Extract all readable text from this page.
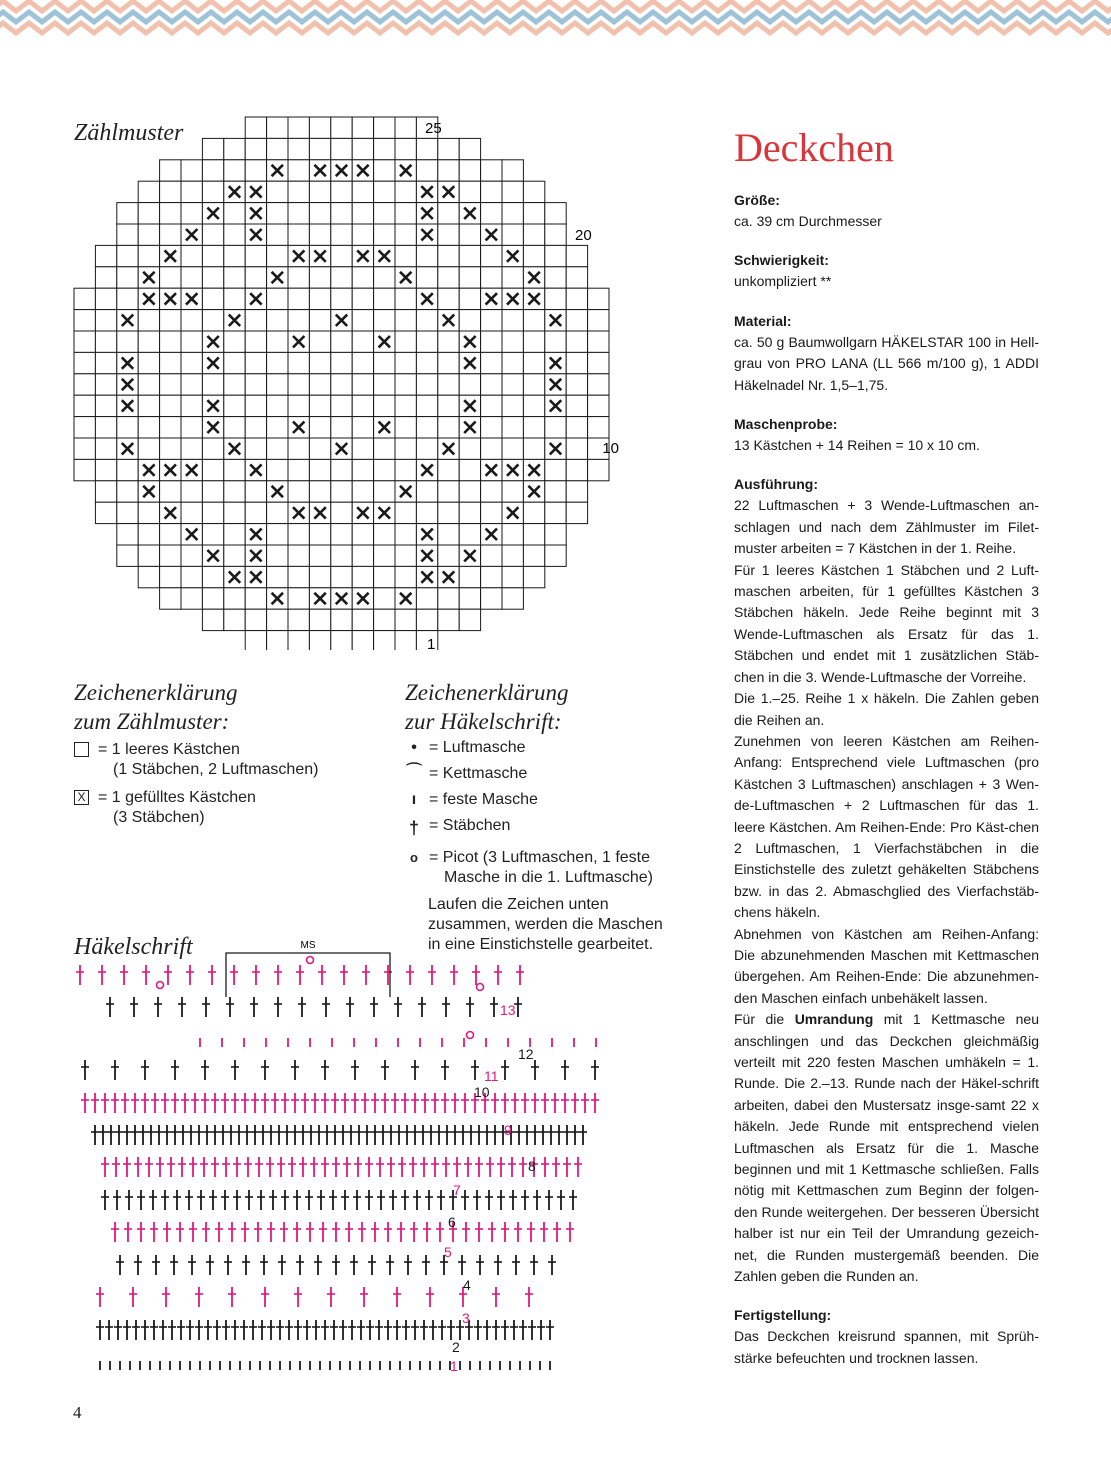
Zählmuster	25
20
10
1
Zeichenerklärung
zum Zählmuster:
= 1 leeres Kästchen
(1 Stäbchen, 2 Luftmaschen)
X = 1 gefülltes Kästchen
(3 Stäbchen)
Zeichenerklärung
zur Häkelschrift:
• = Luftmasche
⌒ = Kettmasche
ı = feste Masche
† = Stäbchen
o = Picot (3 Luftmaschen, 1 feste
Masche in die 1. Luftmasche)
Laufen die Zeichen unten
zusammen, werden die Maschen
in eine Einstichstelle gearbeitet.
Häkelschrift	MS
13
12
11
10
9
8
7
6
5
4
3
2
1
Deckchen
Größe:

ca. 39 cm Durchmesser

Schwierigkeit:

unkompliziert **

Material:

ca. 50 g Baumwollgarn HÄKELSTAR 100 in Hell-grau von PRO LANA (LL 566 m/100 g), 1 ADDI Häkelnadel Nr. 1,5–1,75.

Maschenprobe:

13 Kästchen + 14 Reihen = 10 x 10 cm.

Ausführung:

22 Luftmaschen + 3 Wende-Luftmaschen an-schlagen und nach dem Zählmuster im Filet-muster arbeiten = 7 Kästchen in der 1. Reihe.

Für 1 leeres Kästchen 1 Stäbchen und 2 Luft-maschen arbeiten, für 1 gefülltes Kästchen 3 Stäbchen häkeln. Jede Reihe beginnt mit 3 Wende-Luftmaschen als Ersatz für das 1. Stäbchen und endet mit 1 zusätzlichen Stäb-chen in die 3. Wende-Luftmasche der Vorreihe.

Die 1.–25. Reihe 1 x häkeln. Die Zahlen geben die Reihen an.

Zunehmen von leeren Kästchen am Reihen-Anfang: Entsprechend viele Luftmaschen (pro Kästchen 3 Luftmaschen) anschlagen + 3 Wen-de-Luftmaschen + 2 Luftmaschen für das 1. leere Kästchen. Am Reihen-Ende: Pro Käst-chen 2 Luftmaschen, 1 Vierfachstäbchen in die Einstichstelle des zuletzt gehäkelten Stäbchens bzw. in das 2. Abmaschglied des Vierfachstäb-chens häkeln.

Abnehmen von Kästchen am Reihen-Anfang: Die abzunehmenden Maschen mit Kettmaschen übergehen. Am Reihen-Ende: Die abzunehmen-den Maschen einfach unbehäkelt lassen.

Für die Umrandung mit 1 Kettmasche neu anschlingen und das Deckchen gleichmäßig verteilt mit 220 festen Maschen umhäkeln = 1. Runde. Die 2.–13. Runde nach der Häkel-schrift arbeiten, dabei den Mustersatz insge-samt 22 x häkeln. Jede Runde mit entsprechend vielen Luftmaschen als Ersatz für die 1. Masche beginnen und mit 1 Kettmasche schließen. Falls nötig mit Kettmaschen zum Beginn der folgen-den Runde weitergehen. Der besseren Übersicht halber ist nur ein Teil der Umrandung gezeich-net, die Runden mustergemäß beenden. Die Zahlen geben die Runden an.

Fertigstellung:

Das Deckchen kreisrund spannen, mit Sprüh-stärke befeuchten und trocknen lassen.

4
